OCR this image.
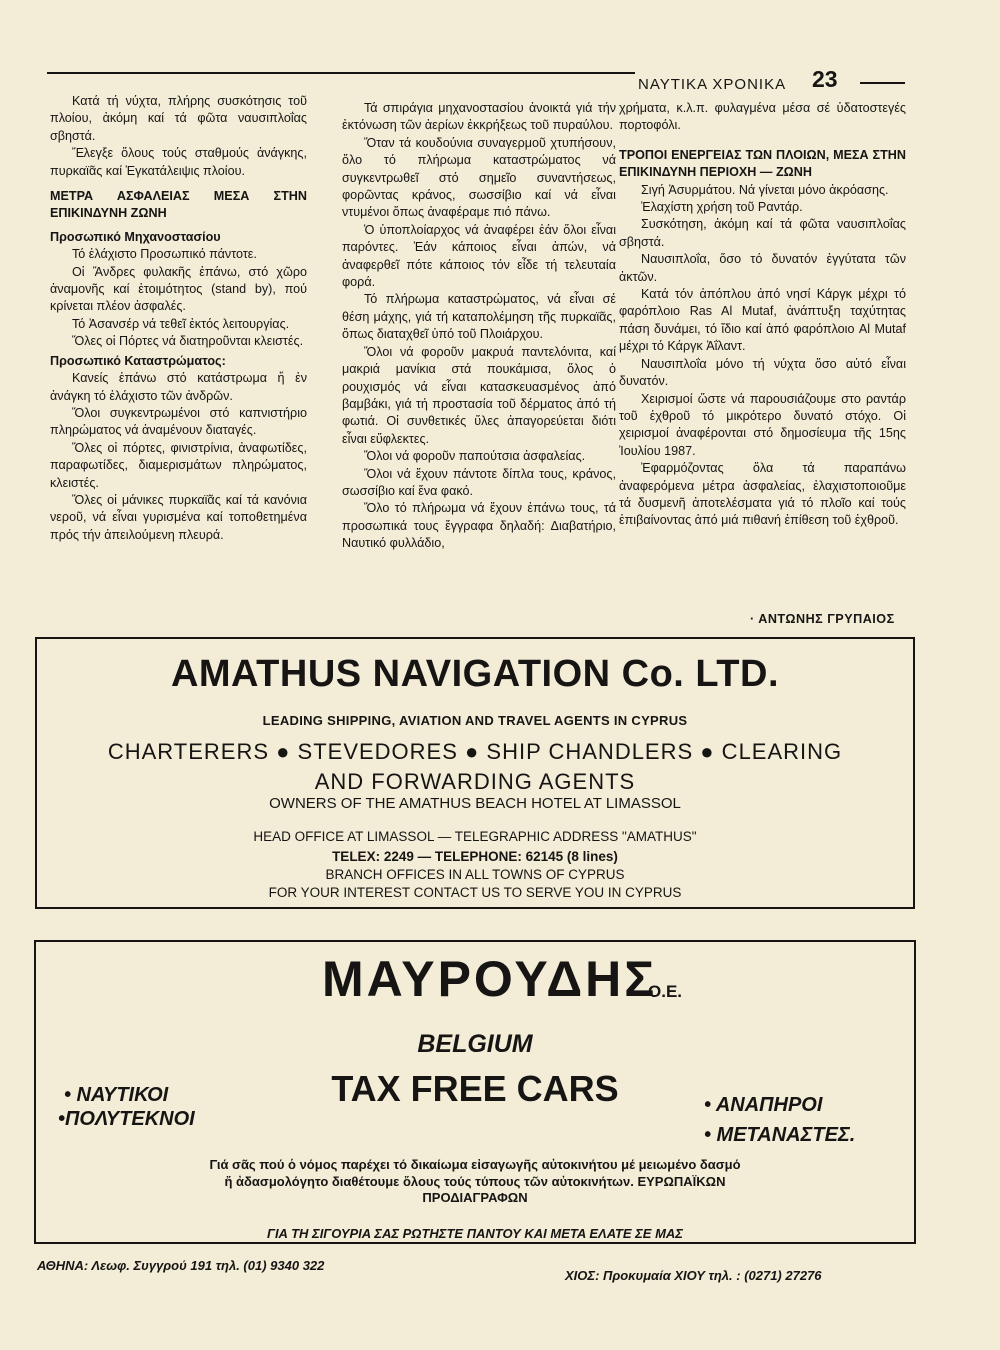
ΝΑΥΤΙΚΑ ΧΡΟΝΙΚΑ 23

Κατά τή νύχτα, πλήρης συσκότησις τοῦ πλοίου, ἀκόμη καί τά φῶτα ναυσιπλοΐας σβηστά.

Ἔλεγξε ὅλους τούς σταθμούς ἀνάγκης, πυρκαϊᾶς καί Ἐγκατάλειψις πλοίου.

ΜΕΤΡΑ ΑΣΦΑΛΕΙΑΣ ΜΕΣΑ ΣΤΗΝ ΕΠΙΚΙΝΔΥΝΗ ΖΩΝΗ

Προσωπικό Μηχανοστασίου

Τό ἐλάχιστο Προσωπικό πάντοτε.

Οἱ Ἄνδρες φυλακῆς ἐπάνω, στό χῶρο ἀναμονῆς καί ἑτοιμότητος (stand by), πού κρίνεται πλέον ἀσφαλές.

Τό Ἀσανσέρ νά τεθεῖ ἐκτός λειτουργίας.

Ὅλες οἱ Πόρτες νά διατηροῦνται κλειστές.

Προσωπικό Καταστρώματος:

Κανείς ἐπάνω στό κατάστρωμα ἤ ἐν ἀνάγκη τό ἐλάχιστο τῶν ἀνδρῶν.

Ὅλοι συγκεντρωμένοι στό καπνιστήριο πληρώματος νά ἀναμένουν διαταγές.

Ὅλες οἱ πόρτες, φινιστρίνια, ἀναφωτίδες, παραφωτίδες, διαμερισμάτων πληρώματος, κλειστές.

Ὅλες οἱ μάνικες πυρκαϊᾶς καί τά κανόνια νεροῦ, νά εἶναι γυρισμένα καί τοποθετημένα πρός τήν ἀπειλούμενη πλευρά.

Τά σπιράγια μηχανοστασίου ἀνοικτά γιά τήν ἐκτόνωση τῶν ἀερίων ἐκκρήξεως τοῦ πυραύλου.

Ὅταν τά κουδούνια συναγερμοῦ χτυπήσουν, ὅλο τό πλήρωμα καταστρώματος νά συγκεντρωθεῖ στό σημεῖο συναντήσεως, φορῶντας κράνος, σωσσίβιο καί νά εἶναι ντυμένοι ὅπως ἀναφέραμε πιό πάνω.

Ὁ ὑποπλοίαρχος νά ἀναφέρει ἐάν ὅλοι εἶναι παρόντες. Ἐάν κάποιος εἶναι ἀπών, νά ἀναφερθεῖ πότε κάποιος τόν εἶδε τή τελευταία φορά.

Τό πλήρωμα καταστρώματος, νά εἶναι σέ θέση μάχης, γιά τή καταπολέμηση τῆς πυρκαϊᾶς, ὅπως διαταχθεῖ ὑπό τοῦ Πλοιάρχου.

Ὅλοι νά φοροῦν μακρυά παντελόνιτα, καί μακριά μανίκια στά πουκάμισα, ὅλος ὁ ρουχισμός νά εἶναι κατασκευασμένος ἀπό βαμβάκι, γιά τή προστασία τοῦ δέρματος ἀπό τή φωτιά. Οἱ συνθετικές ὕλες ἀπαγορεύεται διότι εἶναι εὔφλεκτες.

Ὅλοι νά φοροῦν παπούτσια ἀσφαλείας.

Ὅλοι νά ἔχουν πάντοτε δίπλα τους, κράνος, σωσσίβιο καί ἕνα φακό.

Ὅλο τό πλήρωμα νά ἔχουν ἐπάνω τους, τά προσωπικά τους ἔγγραφα δηλαδή: Διαβατήριο, Ναυτικό φυλλάδιο,

χρήματα, κ.λ.π. φυλαγμένα μέσα σέ ὑδατοστεγές πορτοφόλι.

ΤΡΟΠΟΙ ΕΝΕΡΓΕΙΑΣ ΤΩΝ ΠΛΟΙΩΝ, ΜΕΣΑ ΣΤΗΝ ΕΠΙΚΙΝΔΥΝΗ ΠΕΡΙΟΧΗ — ΖΩΝΗ

Σιγή Ἀσυρμάτου. Νά γίνεται μόνο ἀκρόασης.

Ἐλαχίστη χρήση τοῦ Ραντάρ.

Συσκότηση, ἀκόμη καί τά φῶτα ναυσιπλοΐας σβηστά.

Ναυσιπλοΐα, ὅσο τό δυνατόν ἐγγύτατα τῶν ἀκτῶν.

Κατά τόν ἀπόπλου ἀπό νησί Κάργκ μέχρι τό φαρόπλοιο Ras Al Mutaf, ἀνάπτυξη ταχύτητας πάση δυνάμει, τό ἴδιο καί ἀπό φαρόπλοιο Al Mutaf μέχρι τό Κάργκ Ἀΐλαντ.

Ναυσιπλοΐα μόνο τή νύχτα ὅσο αὐτό εἶναι δυνατόν.

Χειρισμοί ὥστε νά παρουσιάζουμε στο ραντάρ τοῦ ἐχθροῦ τό μικρότερο δυνατό στόχο. Οἱ χειρισμοί ἀναφέρονται στό δημοσίευμα τῆς 15ης Ἰουλίου 1987.

Ἐφαρμόζοντας ὅλα τά παραπάνω ἀναφερόμενα μέτρα ἀσφαλείας, ἐλαχιστοποιοῦμε τά δυσμενῆ ἀποτελέσματα γιά τό πλοῖο καί τούς ἐπιβαίνοντας ἀπό μιά πιθανή ἐπίθεση τοῦ ἐχθροῦ.

· ΑΝΤΩΝΗΣ ΓΡΥΠΑΙΟΣ
AMATHUS NAVIGATION Co. LTD.
LEADING SHIPPING, AVIATION AND TRAVEL AGENTS IN CYPRUS
CHARTERERS ● STEVEDORES ● SHIP CHANDLERS ● CLEARING
AND FORWARDING AGENTS
OWNERS OF THE AMATHUS BEACH HOTEL AT LIMASSOL
HEAD OFFICE AT LIMASSOL — TELEGRAPHIC ADDRESS "AMATHUS"
TELEX: 2249 — TELEPHONE: 62145 (8 lines)
BRANCH OFFICES IN ALL TOWNS OF CYPRUS
FOR YOUR INTEREST CONTACT US TO SERVE YOU IN CYPRUS
ΜΑΥΡΟΥΔΗΣ
O.E.
BELGIUM
TAX FREE CARS
• ΝΑΥΤΙΚΟΙ
•ΠΟΛΥΤΕΚΝΟΙ
• ΑΝΑΠΗΡΟΙ
• ΜΕΤΑΝΑΣΤΕΣ.
Γιά σᾶς πού ὁ νόμος παρέχει τό δικαίωμα εἰσαγωγῆς αὐτοκινήτου μέ μειωμένο δασμό ἤ ἀδασμολόγητο διαθέτουμε ὅλους τούς τύπους τῶν αὐτοκινήτων. ΕΥΡΩΠΑΪΚΩΝ ΠΡΟΔΙΑΓΡΑΦΩΝ
ΓΙΑ ΤΗ ΣΙΓΟΥΡΙΑ ΣΑΣ ΡΩΤΗΣΤΕ ΠΑΝΤΟΥ ΚΑΙ ΜΕΤΑ ΕΛΑΤΕ ΣΕ ΜΑΣ
ΑΘΗΝΑ: Λεωφ. Συγγρού 191 τηλ. (01) 9340 322
ΧΙΟΣ: Προκυμαία ΧΙΟΥ τηλ. : (0271) 27276
